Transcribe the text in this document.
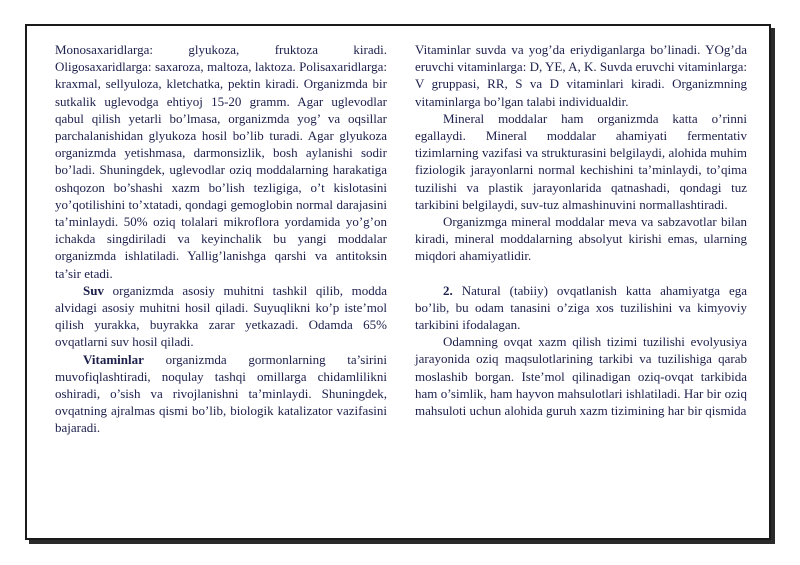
Monosaxaridlarga: glyukoza, fruktoza kiradi. Oligosaxaridlarga: saxaroza, maltoza, laktoza. Polisaxaridlarga: kraxmal, sellyuloza, kletchatka, pektin kiradi. Organizmda bir sutkalik uglevodga ehtiyoj 15-20 gramm. Agar uglevodlar qabul qilish yetarli bo’lmasa, organizmda yog’ va oqsillar parchalanishidan glyukoza hosil bo’lib turadi. Agar glyukoza organizmda yetishmasa, darmonsizlik, bosh aylanishi sodir bo’ladi. Shuningdek, uglevodlar oziq moddalarning harakatiga oshqozon bo’shashi xazm bo’lish tezligiga, o’t kislotasini yo’qotilishini to’xtatadi, qondagi gemoglobin normal darajasini ta’minlaydi. 50% oziq tolalari mikroflora yordamida yo’g’on ichakda singdiriladi va keyinchalik bu yangi moddalar organizmda ishlatiladi. Yallig’lanishga qarshi va antitoksin ta’sir etadi.

Suv organizmda asosiy muhitni tashkil qilib, modda alvidagi asosiy muhitni hosil qiladi. Suyuqlikni ko’p iste’mol qilish yurakka, buyrakka zarar yetkazadi. Odamda 65% ovqatlarni suv hosil qiladi.

Vitaminlar organizmda gormonlarning ta’sirini muvofiqlashtiradi, noqulay tashqi omillarga chidamlilikni oshiradi, o’sish va rivojlanishni ta’minlaydi. Shuningdek, ovqatning ajralmas qismi bo’lib, biologik katalizator vazifasini bajaradi.

Vitaminlar suvda va yog’da eriydiganlarga bo’linadi. YOg’da eruvchi vitaminlarga: D, YE, A, K. Suvda eruvchi vitaminlarga: V gruppasi, RR, S va D vitaminlari kiradi. Organizmning vitaminlarga bo’lgan talabi individualdir.

Mineral moddalar ham organizmda katta o’rinni egallaydi. Mineral moddalar ahamiyati fermentativ tizimlarning vazifasi va strukturasini belgilaydi, alohida muhim fiziologik jarayonlarni normal kechishini ta’minlaydi, to’qima tuzilishi va plastik jarayonlarida qatnashadi, qondagi tuz tarkibini belgilaydi, suv-tuz almashinuvini normallashtiradi.

Organizmga mineral moddalar meva va sabzavotlar bilan kiradi, mineral moddalarning absolyut kirishi emas, ularning miqdori ahamiyatlidir.

2. Natural (tabiiy) ovqatlanish katta ahamiyatga ega bo’lib, bu odam tanasini o’ziga xos tuzilishini va kimyoviy tarkibini ifodalagan.

Odamning ovqat xazm qilish tizimi tuzilishi evolyusiya jarayonida oziq maqsulotlarining tarkibi va tuzilishiga qarab moslashib borgan. Iste’mol qilinadigan oziq-ovqat tarkibida ham o’simlik, ham hayvon mahsulotlari ishlatiladi. Har bir oziq mahsuloti uchun alohida guruh xazm tizimining har bir qismida
